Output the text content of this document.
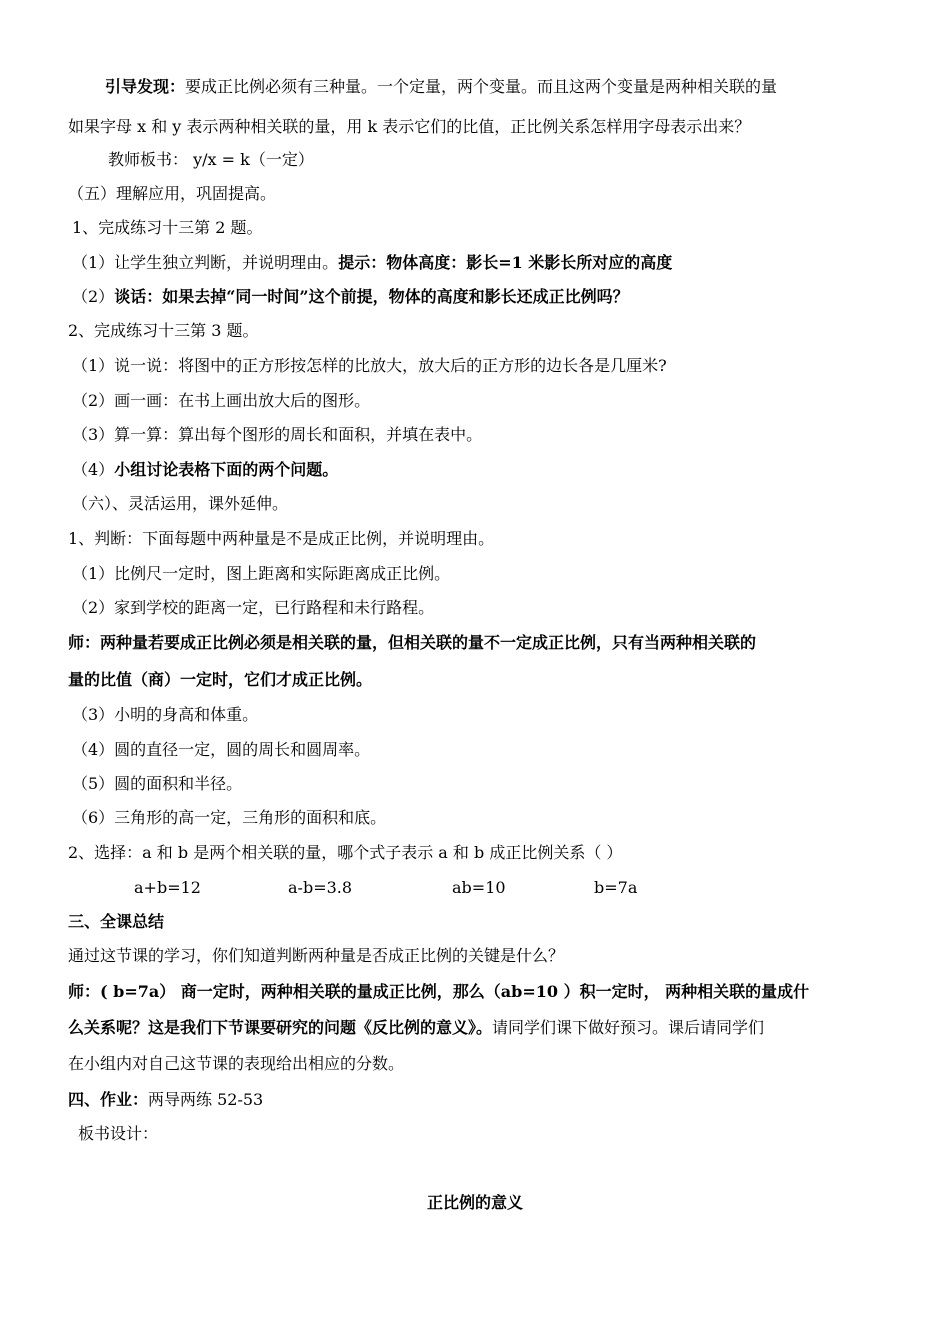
引导发现：要成正比例必须有三种量。一个定量，两个变量。而且这两个变量是两种相关联的量
如果字母 x 和 y 表示两种相关联的量，用 k 表示它们的比值，正比例关系怎样用字母表示出来？
教师板书： y/x = k（一定）
（五）理解应用，巩固提高。
1、完成练习十三第 2 题。
（1）让学生独立判断，并说明理由。提示：物体高度：影长=1 米影长所对应的高度
（2）谈话：如果去掉“同一时间”这个前提，物体的高度和影长还成正比例吗？
2、完成练习十三第 3 题。
（1）说一说：将图中的正方形按怎样的比放大，放大后的正方形的边长各是几厘米?
（2）画一画：在书上画出放大后的图形。
（3）算一算：算出每个图形的周长和面积，并填在表中。
（4）小组讨论表格下面的两个问题。
（六）、灵活运用，课外延伸。
1、判断：下面每题中两种量是不是成正比例，并说明理由。
（1）比例尺一定时，图上距离和实际距离成正比例。
（2）家到学校的距离一定，已行路程和未行路程。
师：两种量若要成正比例必须是相关联的量，但相关联的量不一定成正比例，只有当两种相关联的
量的比值（商）一定时，它们才成正比例。
（3）小明的身高和体重。
（4）圆的直径一定，圆的周长和圆周率。
（5）圆的面积和半径。
（6）三角形的高一定，三角形的面积和底。
2、选择：a 和 b 是两个相关联的量，哪个式子表示 a 和 b 成正比例关系（ ）
a+b=12	a-b=3.8	ab=10	b=7a
三、全课总结
通过这节课的学习，你们知道判断两种量是否成正比例的关键是什么？
师：( b=7a） 商一定时，两种相关联的量成正比例，那么（ab=10 ）积一定时， 两种相关联的量成什
么关系呢？这是我们下节课要研究的问题《反比例的意义》。请同学们课下做好预习。课后请同学们
在小组内对自己这节课的表现给出相应的分数。
四、作业：两导两练 52-53
板书设计：
正比例的意义
